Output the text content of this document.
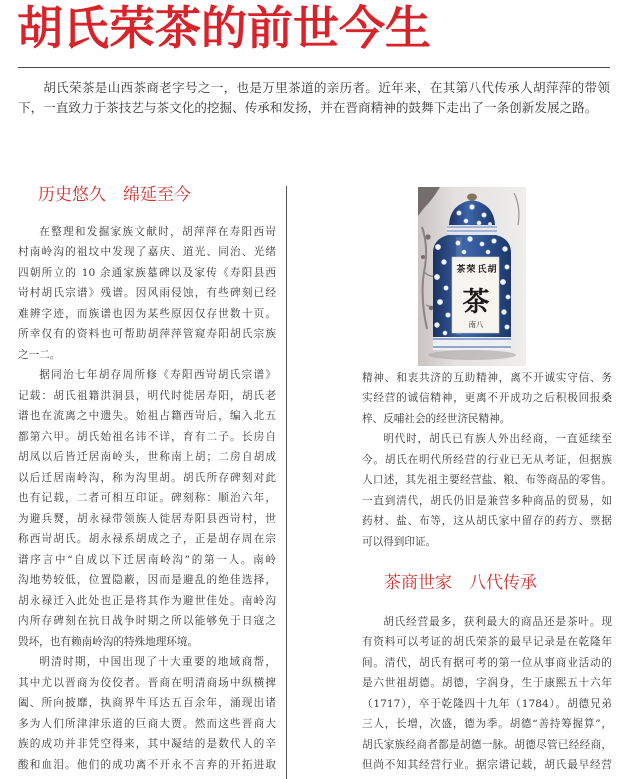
胡氏荣茶的前世今生
胡氏荣茶是山西茶商老字号之一，也是万里茶道的亲历者。近年来，在其第八代传承人胡萍萍的带领
下，一直致力于茶技艺与茶文化的挖掘、传承和发扬，并在晋商精神的鼓舞下走出了一条创新发展之路。
历史悠久　绵延至今
在整理和发掘家族文献时，胡萍萍在寿阳西岢
村南岭沟的祖坟中发现了嘉庆、道光、同治、光绪
四朝所立的 10 余通家族墓碑以及家传《寿阳县西
岢村胡氏宗谱》残谱。因风雨侵蚀，有些碑刻已经
难辨字迹，而族谱也因为某些原因仅存世数十页。
所幸仅有的资料也可帮助胡萍萍管窥寿阳胡氏宗族
之一二。
据同治七年胡存周所修《寿阳西岢胡氏宗谱》
记载：胡氏祖籍洪洞县，明代时徙居寿阳，胡氏老
谱也在流离之中遗失。始祖占籍西岢后，编入北五
都第六甲。胡氏始祖名讳不详，育有二子。长房自
胡凤以后皆迁居南岭头，世称南上胡；二房自胡成
以后迁居南岭沟，称为沟里胡。胡氏所存碑刻对此
也有记载，二者可相互印证。碑刻称：顺治六年，
为避兵燹，胡永禄带领族人徙居寿阳县西岢村，世
称西岢胡氏。胡永禄系胡成之子，正是胡存周在宗
谱序言中“自成以下迁居南岭沟”的第一人。南岭
沟地势较低，位置隐蔽，因而是避乱的绝佳选择，
胡永禄迁入此处也正是将其作为避世佳处。南岭沟
内所存碑刻在抗日战争时期之所以能够免于日寇之
毁坏，也有赖南岭沟的特殊地理环境。
明清时期，中国出现了十大重要的地域商帮，
其中尤以晋商为佼佼者。晋商在明清商场中纵横捭
阖、所向披靡，执商界牛耳达五百余年，涌现出诸
多为人们所津津乐道的巨商大贾。然而这些晋商大
族的成功并非凭空得来，其中凝结的是数代人的辛
酸和血泪。他们的成功离不开永不言弃的开拓进取
胡
氏
荣
茶
茶
南八
精神、和衷共济的互助精神，离不开诚实守信、务
实经营的诚信精神，更离不开成功之后积极回报桑
梓、反哺社会的经世济民精神。
明代时，胡氏已有族人外出经商，一直延续至
今。胡氏在明代所经营的行业已无从考证，但据族
人口述，其先祖主要经营盐、粮、布等商品的零售。
一直到清代，胡氏仍旧是兼营多种商品的贸易，如
药材、盐、布等，这从胡氏家中留存的药方、票据
可以得到印证。
茶商世家　八代传承
胡氏经营最多，获利最大的商品还是茶叶。现
有资料可以考证的胡氏荣茶的最早记录是在乾隆年
间。清代，胡氏有据可考的第一位从事商业活动的
是六世祖胡德。胡德，字润身，生于康熙五十六年
（1717），卒于乾隆四十九年（1784）。胡德兄弟
三人，长增，次盛，德为季。胡德“善持筹握算”，
胡氏家族经商者都是胡德一脉。胡德尽管已经经商，
但尚不知其经营行业。据宗谱记载，胡氏最早经营
